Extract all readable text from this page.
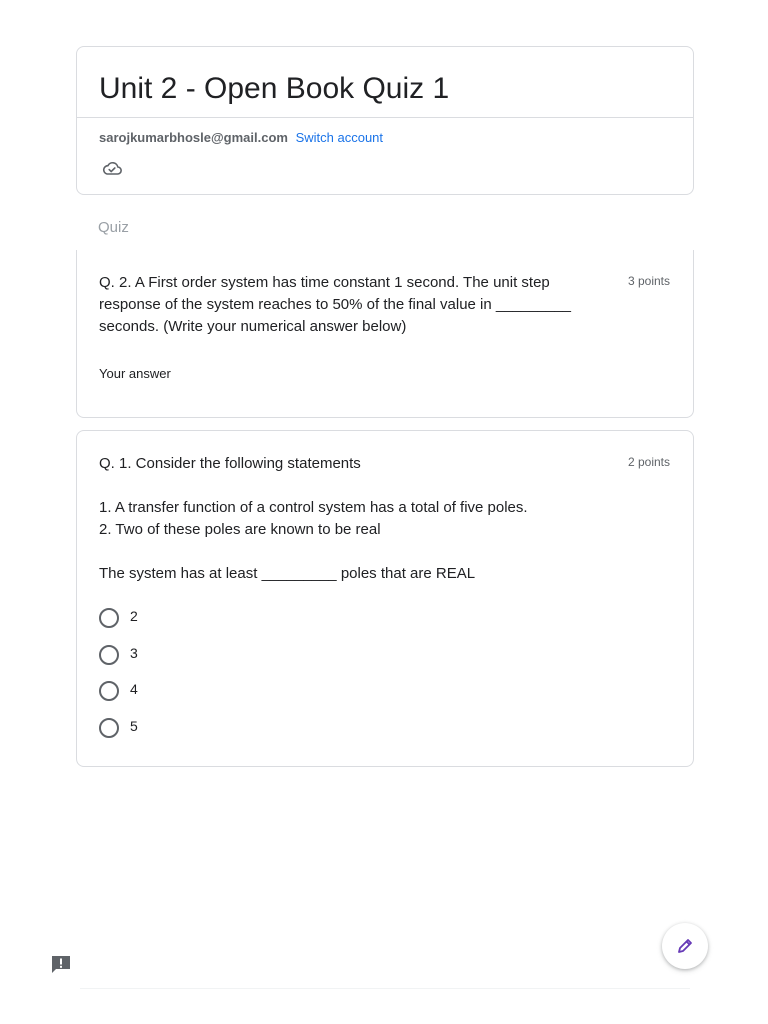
Unit 2 - Open Book Quiz 1
sarojkumarbhosle@gmail.com Switch account
Quiz
Q. 2. A First order system has time constant 1 second. The unit step response of the system reaches to 50% of the final value in _________ seconds. (Write your numerical answer below)
3 points
Your answer
Q. 1. Consider the following statements	2 points

1. A transfer function of a control system has a total of five poles.

2. Two of these poles are known to be real

The system has at least _________ poles that are REAL

2
3
4
5
